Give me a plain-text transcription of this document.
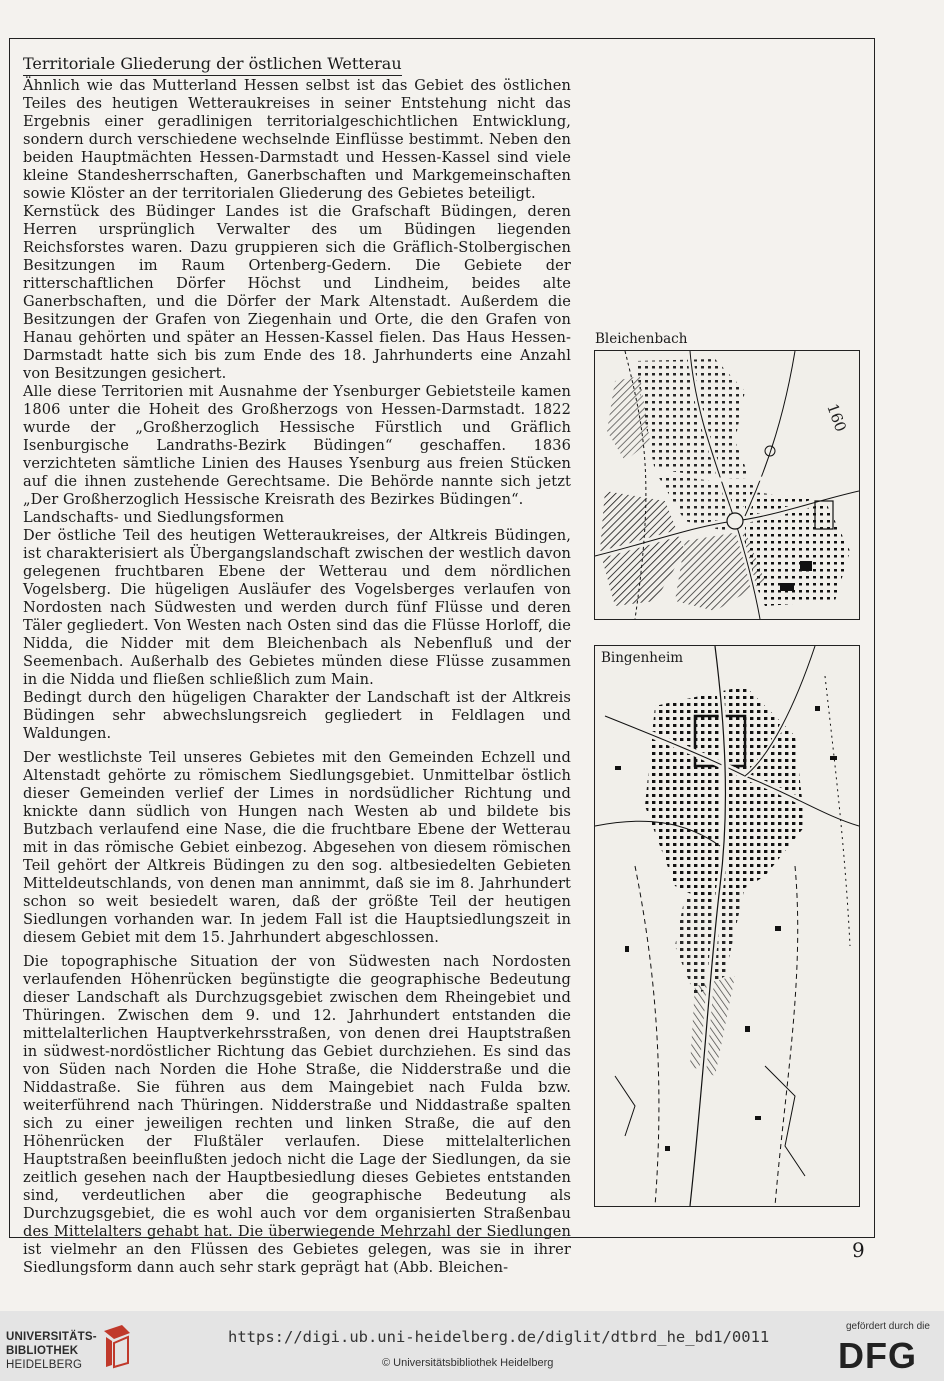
Territoriale Gliederung der östlichen Wetterau

Ähnlich wie das Mutterland Hessen selbst ist das Gebiet des östlichen Teiles des heutigen Wetteraukreises in seiner Entstehung nicht das Ergebnis einer geradlinigen territorialgeschichtlichen Entwicklung, sondern durch verschiedene wechselnde Einflüsse bestimmt. Neben den beiden Hauptmächten Hessen-Darmstadt und Hessen-Kassel sind viele kleine Standesherrschaften, Ganerbschaften und Markgemeinschaften sowie Klöster an der territorialen Gliederung des Gebietes beteiligt.

Kernstück des Büdinger Landes ist die Grafschaft Büdingen, deren Herren ursprünglich Verwalter des um Büdingen liegenden Reichsforstes waren. Dazu gruppieren sich die Gräflich-Stolbergischen Besitzungen im Raum Ortenberg-Gedern. Die Gebiete der ritterschaftlichen Dörfer Höchst und Lindheim, beides alte Ganerbschaften, und die Dörfer der Mark Altenstadt. Außerdem die Besitzungen der Grafen von Ziegenhain und Orte, die den Grafen von Hanau gehörten und später an Hessen-Kassel fielen. Das Haus Hessen-Darmstadt hatte sich bis zum Ende des 18. Jahrhunderts eine Anzahl von Besitzungen gesichert.

Alle diese Territorien mit Ausnahme der Ysenburger Gebietsteile kamen 1806 unter die Hoheit des Großherzogs von Hessen-Darmstadt. 1822 wurde der „Großherzoglich Hessische Fürstlich und Gräflich Isenburgische Landraths-Bezirk Büdingen“ geschaffen. 1836 verzichteten sämtliche Linien des Hauses Ysenburg aus freien Stücken auf die ihnen zustehende Gerechtsame. Die Behörde nannte sich jetzt „Der Großherzoglich Hessische Kreisrath des Bezirkes Büdingen“.

Landschafts- und Siedlungsformen

Der östliche Teil des heutigen Wetteraukreises, der Altkreis Büdingen, ist charakterisiert als Übergangslandschaft zwischen der westlich davon gelegenen fruchtbaren Ebene der Wetterau und dem nördlichen Vogelsberg. Die hügeligen Ausläufer des Vogelsberges verlaufen von Nordosten nach Südwesten und werden durch fünf Flüsse und deren Täler gegliedert. Von Westen nach Osten sind das die Flüsse Horloff, die Nidda, die Nidder mit dem Bleichenbach als Nebenfluß und der Seemenbach. Außerhalb des Gebietes münden diese Flüsse zusammen in die Nidda und fließen schließlich zum Main.

Bedingt durch den hügeligen Charakter der Landschaft ist der Altkreis Büdingen sehr abwechslungsreich gegliedert in Feldlagen und Waldungen.

Der westlichste Teil unseres Gebietes mit den Gemeinden Echzell und Altenstadt gehörte zu römischem Siedlungsgebiet. Unmittelbar östlich dieser Gemeinden verlief der Limes in nordsüdlicher Richtung und knickte dann südlich von Hungen nach Westen ab und bildete bis Butzbach verlaufend eine Nase, die die fruchtbare Ebene der Wetterau mit in das römische Gebiet einbezog. Abgesehen von diesem römischen Teil gehört der Altkreis Büdingen zu den sog. altbesiedelten Gebieten Mitteldeutschlands, von denen man annimmt, daß sie im 8. Jahrhundert schon so weit besiedelt waren, daß der größte Teil der heutigen Siedlungen vorhanden war. In jedem Fall ist die Hauptsiedlungszeit in diesem Gebiet mit dem 15. Jahrhundert abgeschlossen.

Die topographische Situation der von Südwesten nach Nordosten verlaufenden Höhenrücken begünstigte die geographische Bedeutung dieser Landschaft als Durchzugsgebiet zwischen dem Rheingebiet und Thüringen. Zwischen dem 9. und 12. Jahrhundert entstanden die mittelalterlichen Hauptverkehrsstraßen, von denen drei Hauptstraßen in südwest-nordöstlicher Richtung das Gebiet durchziehen. Es sind das von Süden nach Norden die Hohe Straße, die Nidderstraße und die Niddastraße. Sie führen aus dem Maingebiet nach Fulda bzw. weiterführend nach Thüringen. Nidderstraße und Niddastraße spalten sich zu einer jeweiligen rechten und linken Straße, die auf den Höhenrücken der Flußtäler verlaufen. Diese mittelalterlichen Hauptstraßen beeinflußten jedoch nicht die Lage der Siedlungen, da sie zeitlich gesehen nach der Hauptbesiedlung dieses Gebietes entstanden sind, verdeutlichen aber die geographische Bedeutung als Durchzugsgebiet, die es wohl auch vor dem organisierten Straßenbau des Mittelalters gehabt hat. Die überwiegende Mehrzahl der Siedlungen ist vielmehr an den Flüssen des Gebietes gelegen, was sie in ihrer Siedlungsform dann auch sehr stark geprägt hat (Abb. Bleichen-

Bleichenbach
160
Bingenheim
9
UNIVERSITÄTS-
BIBLIOTHEK
HEIDELBERG
https://digi.ub.uni-heidelberg.de/diglit/dtbrd_he_bd1/0011
© Universitätsbibliothek Heidelberg
gefördert durch die
DFG
